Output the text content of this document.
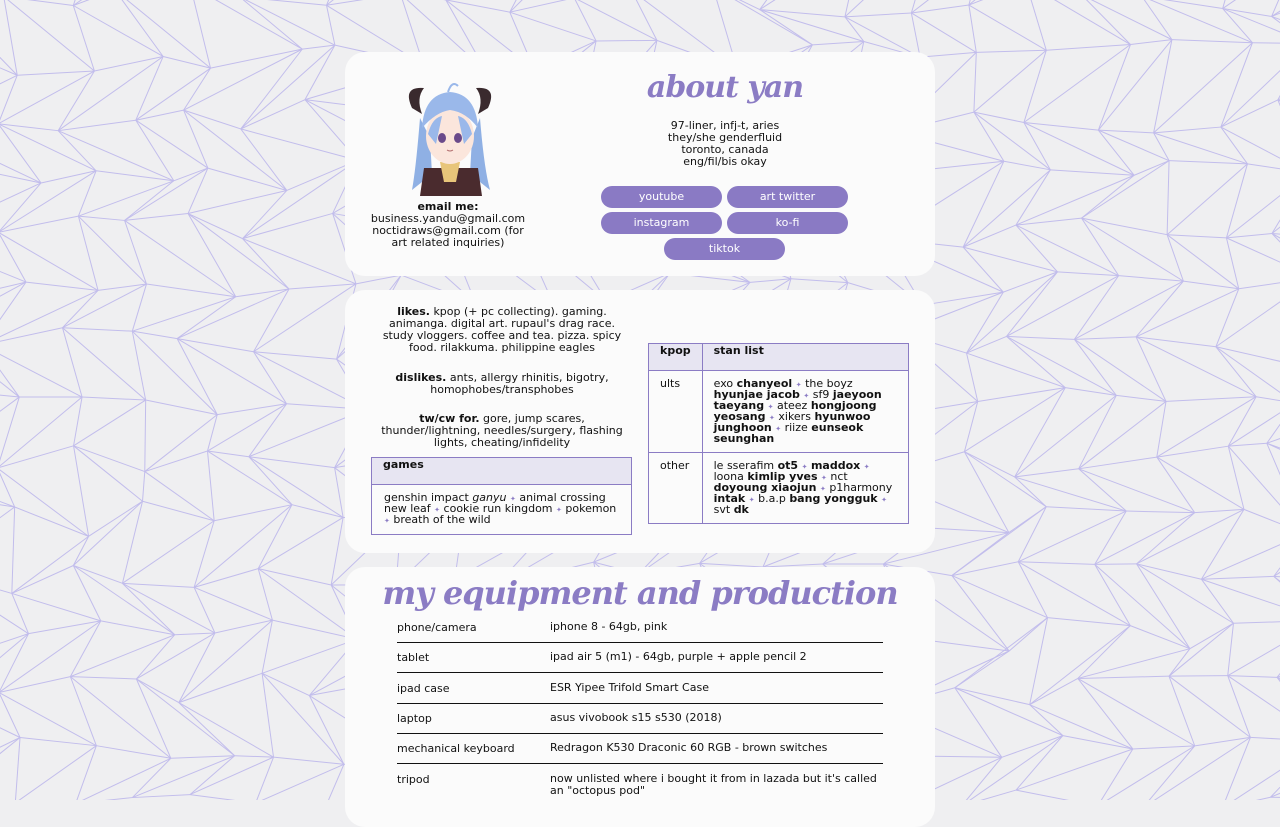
email me:
business.yandu@gmail.com
noctidraws@gmail.com (for art related inquiries)
about yan
97-liner, infj-t, aries
they/she genderfluid
toronto, canada
eng/fil/bis okay
youtube	art twitter
instagram	ko-fi
tiktok
likes. kpop (+ pc collecting). gaming. animanga. digital art. rupaul's drag race. study vloggers. coffee and tea. pizza. spicy food. rilakkuma. philippine eagles
dislikes. ants, allergy rhinitis, bigotry, homophobes/transphobes
tw/cw for. gore, jump scares, thunder/lightning, needles/surgery, flashing lights, cheating/infidelity
games
genshin impact ganyu ✦ animal crossing new leaf ✦ cookie run kingdom ✦ pokemon ✦ breath of the wild
kpop	stan list
ults	exo chanyeol ✦ the boyz hyunjae jacob ✦ sf9 jaeyoon taeyang ✦ ateez hongjoong yeosang ✦ xikers hyunwoo junghoon ✦ riize eunseok seunghan
other	le sserafim ot5 ✦ maddox ✦ loona kimlip yves ✦ nct doyoung xiaojun ✦ p1harmony intak ✦ b.a.p bang yongguk ✦ svt dk
my equipment and production
phone/camera	iphone 8 - 64gb, pink
tablet	ipad air 5 (m1) - 64gb, purple + apple pencil 2
ipad case	ESR Yipee Trifold Smart Case
laptop	asus vivobook s15 s530 (2018)
mechanical keyboard	Redragon K530 Draconic 60 RGB - brown switches
tripod	now unlisted where i bought it from in lazada but it's called an "octopus pod"
